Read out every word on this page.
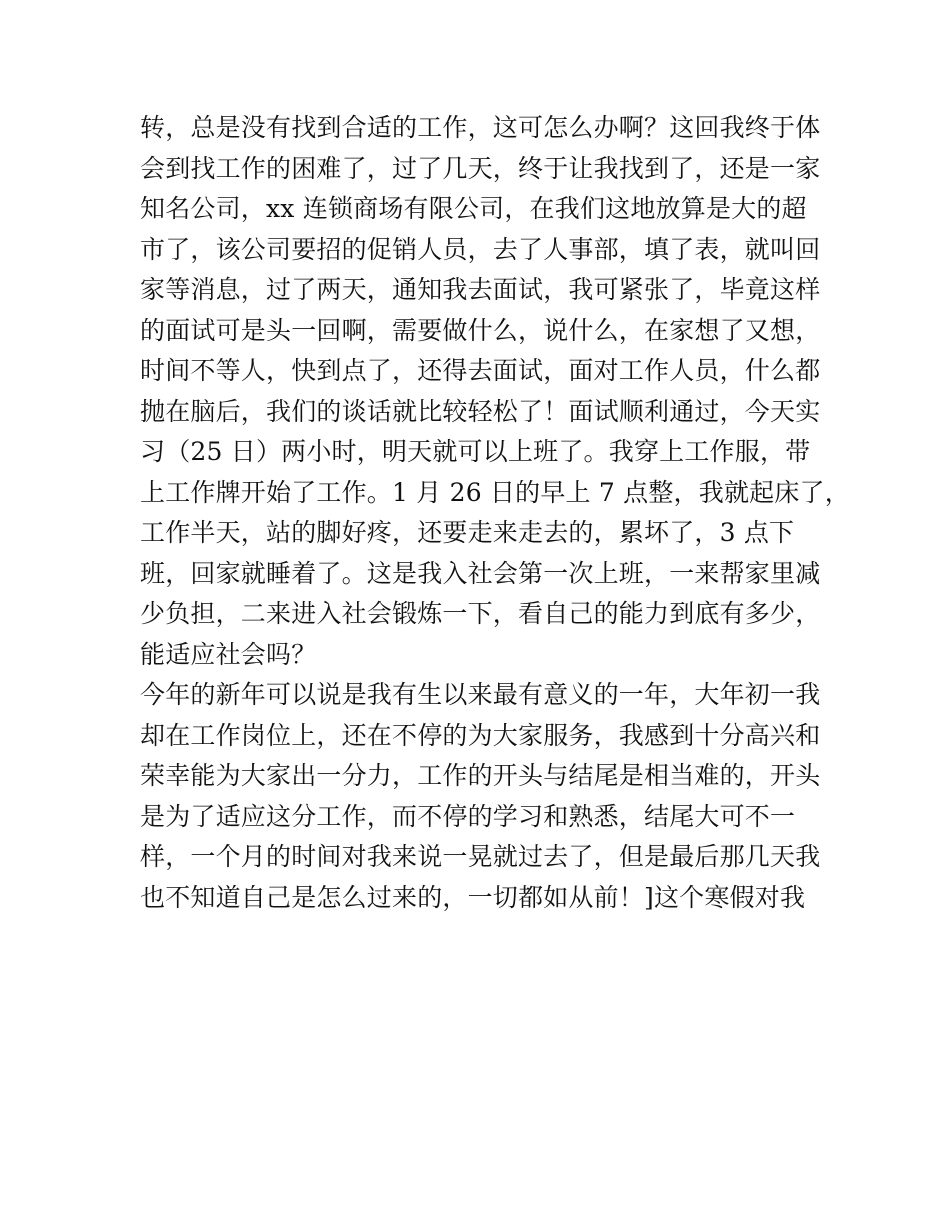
转，总是没有找到合适的工作，这可怎么办啊？这回我终于体
会到找工作的困难了，过了几天，终于让我找到了，还是一家
知名公司，xx 连锁商场有限公司，在我们这地放算是大的超
市了，该公司要招的促销人员，去了人事部，填了表，就叫回
家等消息，过了两天，通知我去面试，我可紧张了，毕竟这样
的面试可是头一回啊，需要做什么，说什么，在家想了又想，
时间不等人，快到点了，还得去面试，面对工作人员，什么都
抛在脑后，我们的谈话就比较轻松了！面试顺利通过，今天实
习（25 日）两小时，明天就可以上班了。我穿上工作服，带
上工作牌开始了工作。1 月 26 日的早上 7 点整，我就起床了，
工作半天，站的脚好疼，还要走来走去的，累坏了，3 点下
班，回家就睡着了。这是我入社会第一次上班，一来帮家里减
少负担，二来进入社会锻炼一下，看自己的能力到底有多少，
能适应社会吗？
今年的新年可以说是我有生以来最有意义的一年，大年初一我
却在工作岗位上，还在不停的为大家服务，我感到十分高兴和
荣幸能为大家出一分力，工作的开头与结尾是相当难的，开头
是为了适应这分工作，而不停的学习和熟悉，结尾大可不一
样，一个月的时间对我来说一晃就过去了，但是最后那几天我
也不知道自己是怎么过来的，一切都如从前！]这个寒假对我
